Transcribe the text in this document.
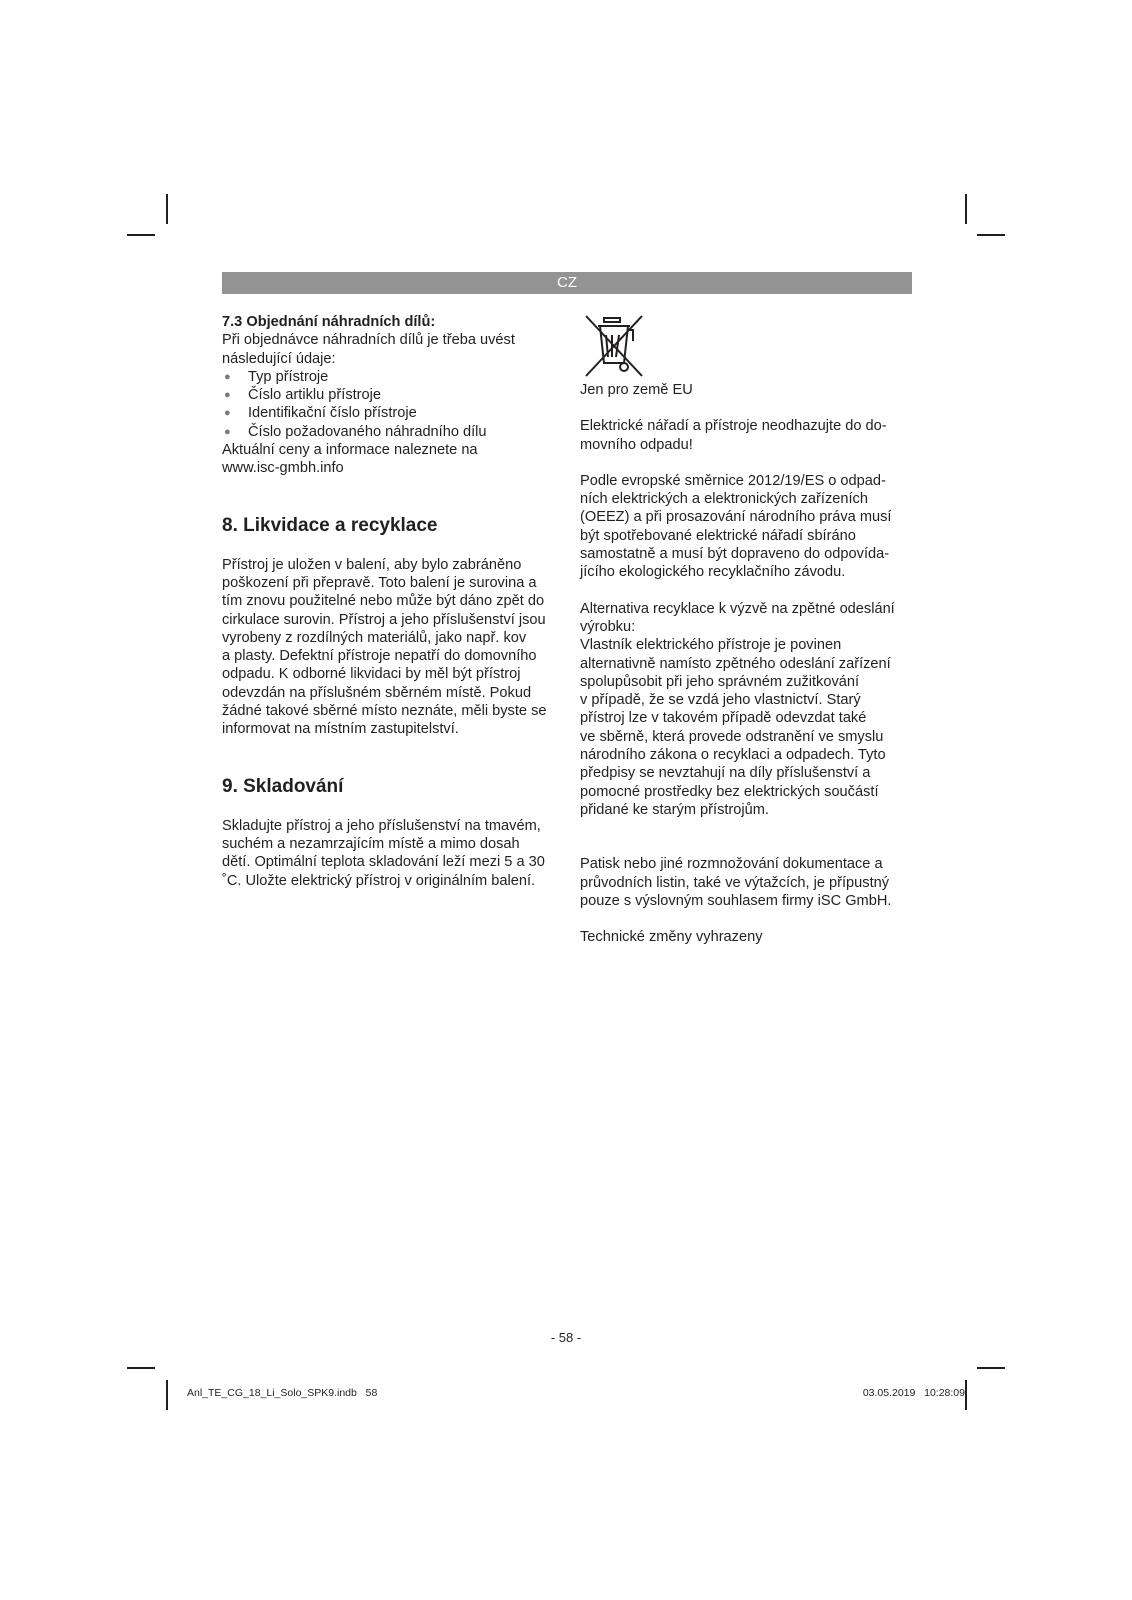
CZ

7.3 Objednání náhradních dílů:

Při objednávce náhradních dílů je třeba uvést
následující údaje:

● Typ přístroje
● Číslo artiklu přístroje
● Identifikační číslo přístroje
● Číslo požadovaného náhradního dílu

Aktuální ceny a informace naleznete na
www.isc-gmbh.info

8. Likvidace a recyklace

Přístroj je uložen v balení, aby bylo zabráněno
poškození při přepravě. Toto balení je surovina a
tím znovu použitelné nebo může být dáno zpět do
cirkulace surovin. Přístroj a jeho příslušenství jsou
vyrobeny z rozdílných materiálů, jako např. kov
a plasty. Defektní přístroje nepatří do domovního
odpadu. K odborné likvidaci by měl být přístroj
odevzdán na příslušném sběrném místě. Pokud
žádné takové sběrné místo neznáte, měli byste se
informovat na místním zastupitelství.

9. Skladování

Skladujte přístroj a jeho příslušenství na tmavém,
suchém a nezamrzajícím místě a mimo dosah
dětí. Optimální teplota skladování leží mezi 5 a 30
˚C. Uložte elektrický přístroj v originálním balení.

Jen pro země EU

Elektrické nářadí a přístroje neodhazujte do do-
movního odpadu!

Podle evropské směrnice 2012/19/ES o odpad-
ních elektrických a elektronických zařízeních
(OEEZ) a při prosazování národního práva musí
být spotřebované elektrické nářadí sbíráno
samostatně a musí být dopraveno do odpovída-
jícího ekologického recyklačního závodu.

Alternativa recyklace k výzvě na zpětné odeslání
výrobku:
Vlastník elektrického přístroje je povinen
alternativně namísto zpětného odeslání zařízení
spolupůsobit při jeho správném zužitkování
v případě, že se vzdá jeho vlastnictví. Starý
přístroj lze v takovém případě odevzdat také
ve sběrně, která provede odstranění ve smyslu
národního zákona o recyklaci a odpadech. Tyto
předpisy se nevztahují na díly příslušenství a
pomocné prostředky bez elektrických součástí
přidané ke starým přístrojům.

Patisk nebo jiné rozmnožování dokumentace a
průvodních listin, také ve výtažcích, je přípustný
pouze s výslovným souhlasem firmy iSC GmbH.

Technické změny vyhrazeny

- 58 -
Anl_TE_CG_18_Li_Solo_SPK9.indb   58	03.05.2019   10:28:09
